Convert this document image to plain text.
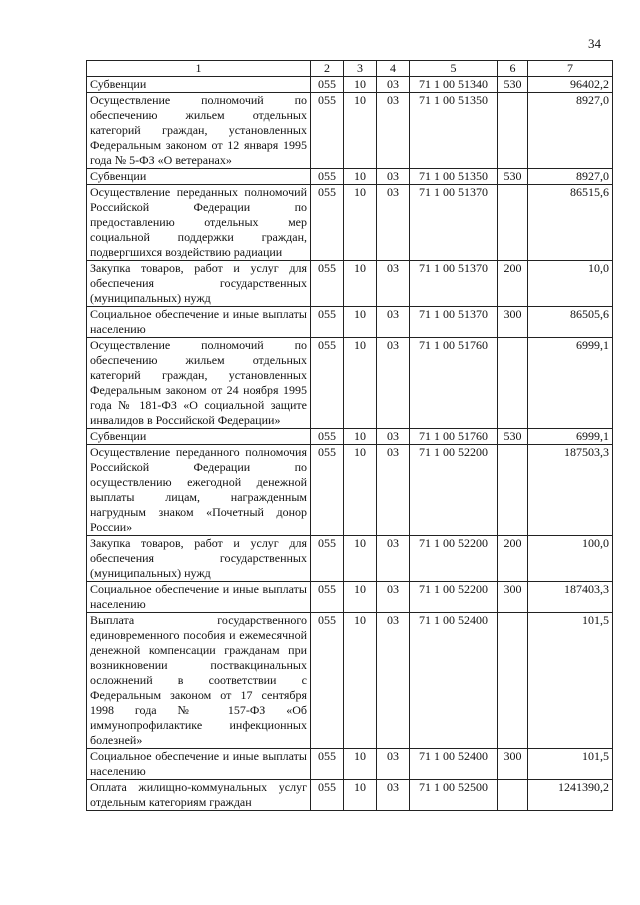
34
1	2	3	4	5	6	7
Субвенции	055	10	03	71 1 00 51340	530	96402,2
Осуществление полномочий по обеспечению жильем отдельных категорий граждан, установленных Федеральным законом от 12 января 1995 года № 5-ФЗ «О ветеранах»	055	10	03	71 1 00 51350		8927,0
Субвенции	055	10	03	71 1 00 51350	530	8927,0
Осуществление переданных полномочий Российской Федерации по предоставлению отдельных мер социальной поддержки граждан, подвергшихся воздействию радиации	055	10	03	71 1 00 51370		86515,6
Закупка товаров, работ и услуг для обеспечения государственных (муниципальных) нужд	055	10	03	71 1 00 51370	200	10,0
Социальное обеспечение и иные выплаты населению	055	10	03	71 1 00 51370	300	86505,6
Осуществление полномочий по обеспечению жильем отдельных категорий граждан, установленных Федеральным законом от 24 ноября 1995 года № 181-ФЗ «О социальной защите инвалидов в Российской Федерации»	055	10	03	71 1 00 51760		6999,1
Субвенции	055	10	03	71 1 00 51760	530	6999,1
Осуществление переданного полномочия Российской Федерации по осуществлению ежегодной денежной выплаты лицам, награжденным нагрудным знаком «Почетный донор России»	055	10	03	71 1 00 52200		187503,3
Закупка товаров, работ и услуг для обеспечения государственных (муниципальных) нужд	055	10	03	71 1 00 52200	200	100,0
Социальное обеспечение и иные выплаты населению	055	10	03	71 1 00 52200	300	187403,3
Выплата государственного единовременного пособия и ежемесячной денежной компенсации гражданам при возникновении поствакцинальных осложнений в соответствии с Федеральным законом от 17 сентября 1998 года № 157-ФЗ «Об иммунопрофилактике инфекционных болезней»	055	10	03	71 1 00 52400		101,5
Социальное обеспечение и иные выплаты населению	055	10	03	71 1 00 52400	300	101,5
Оплата жилищно-коммунальных услуг отдельным категориям граждан	055	10	03	71 1 00 52500		1241390,2
